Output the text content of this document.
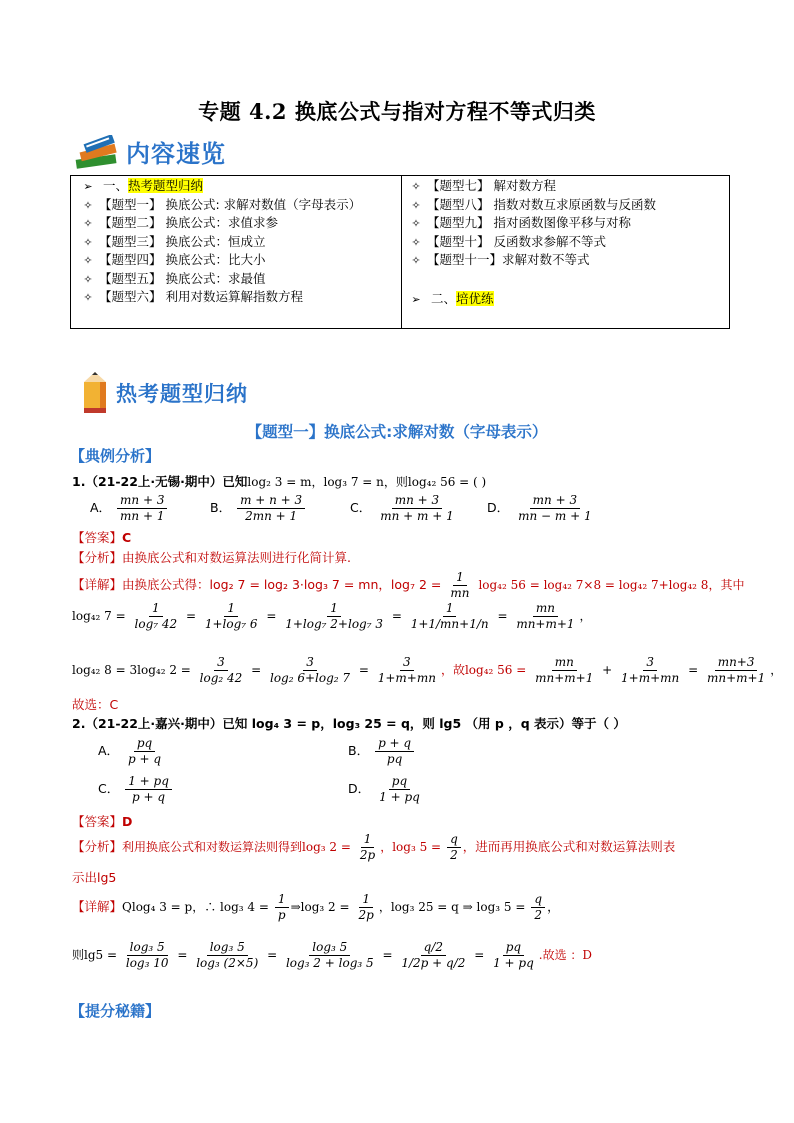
专题 4.2 换底公式与指对方程不等式归类
内容速览
➢ 一、热考题型归纳
✧ 【题型一】 换底公式: 求解对数值（字母表示）
✧ 【题型二】 换底公式：求值求参
✧ 【题型三】 换底公式：恒成立
✧ 【题型四】 换底公式：比大小
✧ 【题型五】 换底公式：求最值
✧ 【题型六】 利用对数运算解指数方程
✧ 【题型七】 解对数方程
✧ 【题型八】 指数对数互求原函数与反函数
✧ 【题型九】 指对函数图像平移与对称
✧ 【题型十】 反函数求参解不等式
✧ 【题型十一】求解对数不等式
➢ 二、培优练
热考题型归纳
【题型一】换底公式:求解对数（字母表示）
【典例分析】
1.（21-22上·无锡·期中）已知log₂ 3 = m，log₃ 7 = n，则log₄₂ 56 = ( )
A． $\frac{mn + 3}{mn + 1}$	B． $\frac{m + n + 3}{2mn + 1}$	C． $\frac{mn + 3}{mn + m + 1}$ D． $\frac{mn + 3}{mn - m + 1}$
【答案】C
【分析】由换底公式和对数运算法则进行化简计算.
【详解】由换底公式得：log₂ 7 = log₂ 3·log₃ 7 = mn，log₇ $2 = \frac{1}{mn} \log_{42}$ 56 = log₄₂ 7×8 = log₄₂ 7+log₄₂ 8，其中
log₄₂ $7 = \frac{1}{\text{log₇ 42}} = \frac{1}{\text{1+log₇ 6}} = \frac{1}{\text{1+log₇ 2+log₇ 3}} = \frac{1}{1+1/mn+1/n} = \frac{mn}{mn+m+1}$ ，
log₄₂ 8 = 3log₄₂ $2 = \frac{3}{\text{log₂ 42}} = \frac{3}{\text{log₂ 6+log₂ 7}} = \frac{3}{1+m+mn}$ ，故log₄₂ $56 = \frac{mn}{mn+m+1} + \frac{3}{1+m+mn} = \frac{mn+3}{mn+m+1}$ ，
故选：C
2.（21-22上·嘉兴·期中）已知 log₄ 3 = p，log₃ 25 = q，则 lg5 （用 p ，q 表示）等于（ ）
A． $\frac{pq}{p + q}$	B． $\frac{p + q}{pq}$
C． $\frac{1 + pq}{p + q}$	D． $\frac{pq}{1 + pq}$
【答案】D
【分析】利用换底公式和对数运算法则得到log₃ $2 = \frac{1}{2p}$ ，log₃ $5 = \frac{q}{2}$ ，进而再用换底公式和对数运算法则表
示出lg5
【详解】Qlog₄ 3 = p，∴ log₃ $4 = \frac{1}{p}$ ⇒log₃ $2 = \frac{1}{2p}$ ，log₃ 25 = q ⇒ log₃ $5 = \frac{q}{2}$ ，
则$\lg 5 = \frac{\text{log₃ 5}}{\text{log₃ 10}} = \frac{\text{log₃ 5}}{\text{log₃ (2×5)}} = \frac{\text{log₃ 5}}{\text{log₃ 2 + log₃ 5}} = \frac{q/2}{1/2p + q/2} = \frac{pq}{1 + pq}$ .故选 ：D
【提分秘籍】
